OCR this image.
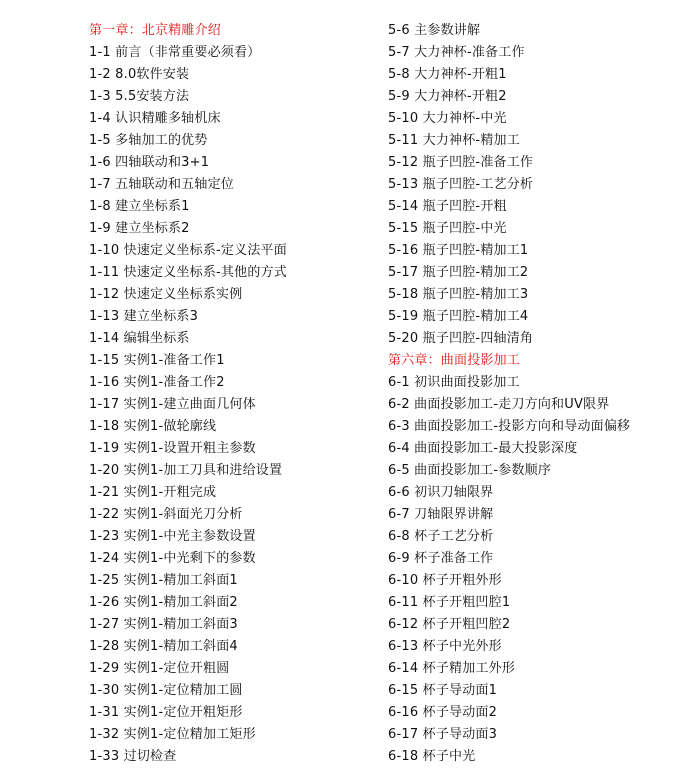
第一章：北京精雕介绍
1-1 前言（非常重要必须看）
1-2 8.0软件安装
1-3 5.5安装方法
1-4 认识精雕多轴机床
1-5 多轴加工的优势
1-6 四轴联动和3+1
1-7 五轴联动和五轴定位
1-8 建立坐标系1
1-9 建立坐标系2
1-10 快速定义坐标系-定义法平面
1-11 快速定义坐标系-其他的方式
1-12 快速定义坐标系实例
1-13 建立坐标系3
1-14 编辑坐标系
1-15 实例1-准备工作1
1-16 实例1-准备工作2
1-17 实例1-建立曲面几何体
1-18 实例1-做轮廓线
1-19 实例1-设置开粗主参数
1-20 实例1-加工刀具和进给设置
1-21 实例1-开粗完成
1-22 实例1-斜面光刀分析
1-23 实例1-中光主参数设置
1-24 实例1-中光剩下的参数
1-25 实例1-精加工斜面1
1-26 实例1-精加工斜面2
1-27 实例1-精加工斜面3
1-28 实例1-精加工斜面4
1-29 实例1-定位开粗圆
1-30 实例1-定位精加工圆
1-31 实例1-定位开粗矩形
1-32 实例1-定位精加工矩形
1-33 过切检查
5-6 主参数讲解
5-7 大力神杯-准备工作
5-8 大力神杯-开粗1
5-9 大力神杯-开粗2
5-10 大力神杯-中光
5-11 大力神杯-精加工
5-12 瓶子凹腔-准备工作
5-13 瓶子凹腔-工艺分析
5-14 瓶子凹腔-开粗
5-15 瓶子凹腔-中光
5-16 瓶子凹腔-精加工1
5-17 瓶子凹腔-精加工2
5-18 瓶子凹腔-精加工3
5-19 瓶子凹腔-精加工4
5-20 瓶子凹腔-四轴清角
第六章：曲面投影加工
6-1 初识曲面投影加工
6-2 曲面投影加工-走刀方向和UV限界
6-3 曲面投影加工-投影方向和导动面偏移
6-4 曲面投影加工-最大投影深度
6-5 曲面投影加工-参数顺序
6-6 初识刀轴限界
6-7 刀轴限界讲解
6-8 杯子工艺分析
6-9 杯子准备工作
6-10 杯子开粗外形
6-11 杯子开粗凹腔1
6-12 杯子开粗凹腔2
6-13 杯子中光外形
6-14 杯子精加工外形
6-15 杯子导动面1
6-16 杯子导动面2
6-17 杯子导动面3
6-18 杯子中光
